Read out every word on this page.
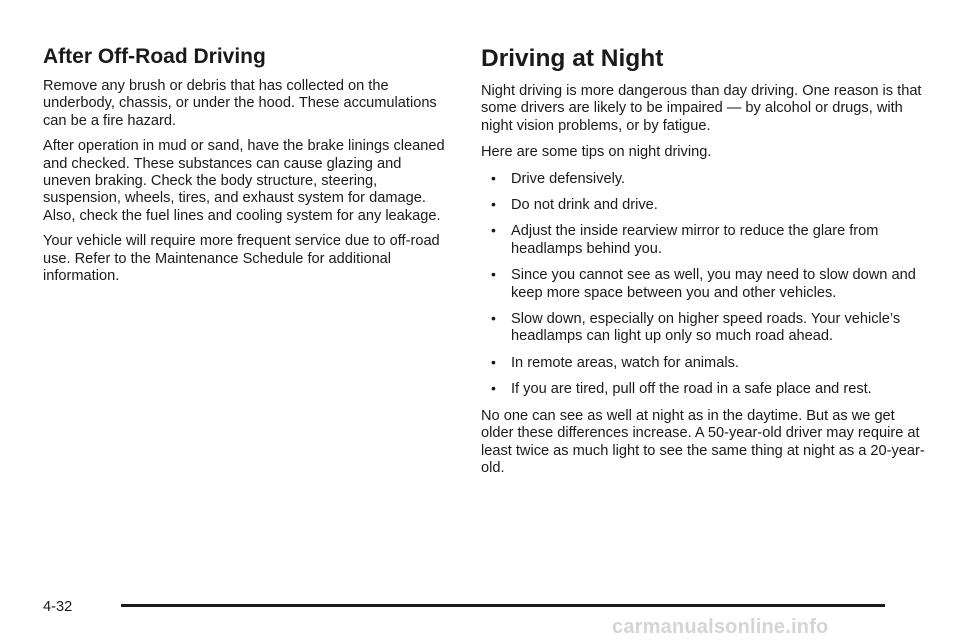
After Off-Road Driving

Remove any brush or debris that has collected on the underbody, chassis, or under the hood. These accumulations can be a fire hazard.

After operation in mud or sand, have the brake linings cleaned and checked. These substances can cause glazing and uneven braking. Check the body structure, steering, suspension, wheels, tires, and exhaust system for damage. Also, check the fuel lines and cooling system for any leakage.

Your vehicle will require more frequent service due to off-road use. Refer to the Maintenance Schedule for additional information.

Driving at Night

Night driving is more dangerous than day driving. One reason is that some drivers are likely to be impaired — by alcohol or drugs, with night vision problems, or by fatigue.

Here are some tips on night driving.

• Drive defensively.
• Do not drink and drive.
• Adjust the inside rearview mirror to reduce the glare from headlamps behind you.
• Since you cannot see as well, you may need to slow down and keep more space between you and other vehicles.
• Slow down, especially on higher speed roads. Your vehicle’s headlamps can light up only so much road ahead.
• In remote areas, watch for animals.
• If you are tired, pull off the road in a safe place and rest.

No one can see as well at night as in the daytime. But as we get older these differences increase. A 50-year-old driver may require at least twice as much light to see the same thing at night as a 20-year-old.

4-32
carmanualsonline.info
